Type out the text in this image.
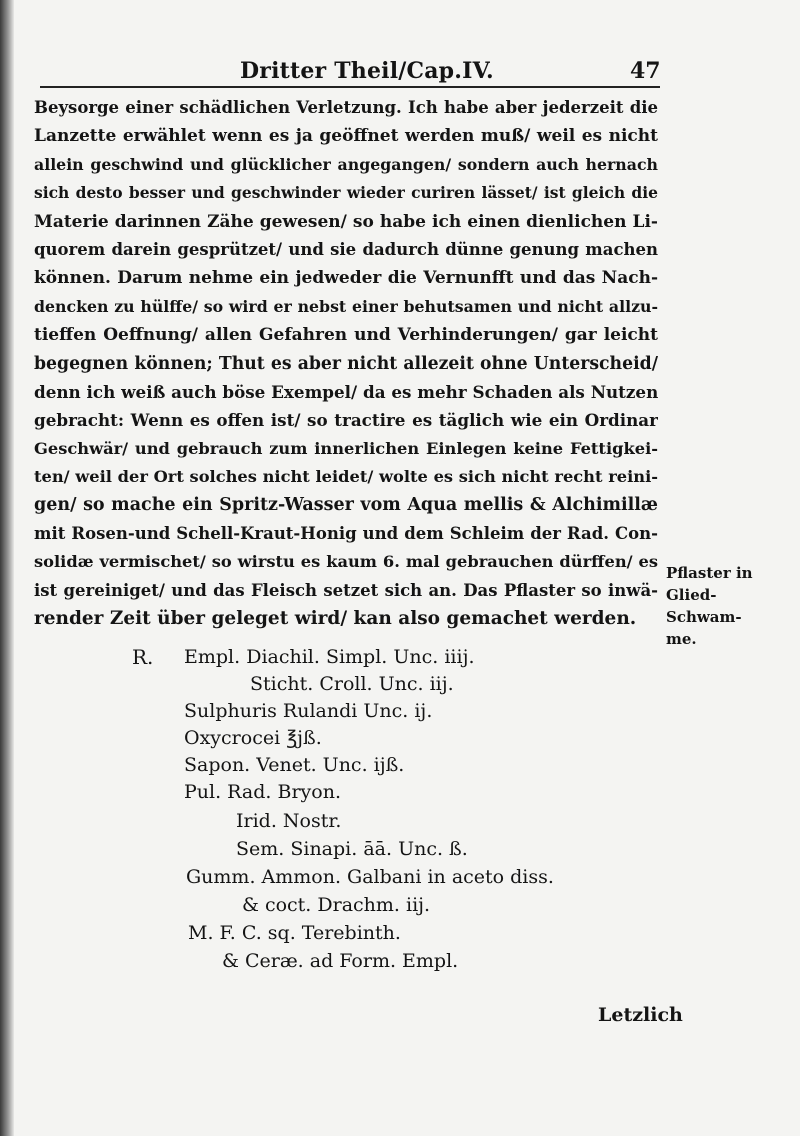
Dritter Theil/Cap.IV.	47
Beysorge einer schädlichen Verletzung. Ich habe aber jederzeit die
Lanzette erwählet wenn es ja geöffnet werden muß/ weil es nicht
allein geschwind und glücklicher angegangen/ sondern auch hernach
sich desto besser und geschwinder wieder curiren lässet/ ist gleich die
Materie darinnen Zähe gewesen/ so habe ich einen dienlichen Li-
quorem darein gesprützet/ und sie dadurch dünne genung machen
können. Darum nehme ein jedweder die Vernunfft und das Nach-
dencken zu hülffe/ so wird er nebst einer behutsamen und nicht allzu-
tieffen Oeffnung/ allen Gefahren und Verhinderungen/ gar leicht
begegnen können; Thut es aber nicht allezeit ohne Unterscheid/
denn ich weiß auch böse Exempel/ da es mehr Schaden als Nutzen
gebracht: Wenn es offen ist/ so tractire es täglich wie ein Ordinar
Geschwär/ und gebrauch zum innerlichen Einlegen keine Fettigkei-
ten/ weil der Ort solches nicht leidet/ wolte es sich nicht recht reini-
gen/ so mache ein Spritz-Wasser vom Aqua mellis & Alchimillæ
mit Rosen-und Schell-Kraut-Honig und dem Schleim der Rad. Con-
solidæ vermischet/ so wirstu es kaum 6. mal gebrauchen dürffen/ es
ist gereiniget/ und das Fleisch setzet sich an. Das Pflaster so inwä-
render Zeit über geleget wird/ kan also gemachet werden.
Pflaster in
Glied-
Schwam-
me.
R. Empl. Diachil. Simpl. Unc. iiij.
Sticht. Croll. Unc. iij.
Sulphuris Rulandi Unc. ij.
Oxycrocei ℥jß.
Sapon. Venet. Unc. ijß.
Pul. Rad. Bryon.
Irid. Nostr.
Sem. Sinapi. āā. Unc. ß.
Gumm. Ammon. Galbani in aceto diss.
& coct. Drachm. iij.
M. F. C. sq. Terebinth.
& Ceræ. ad Form. Empl.
Letzlich
